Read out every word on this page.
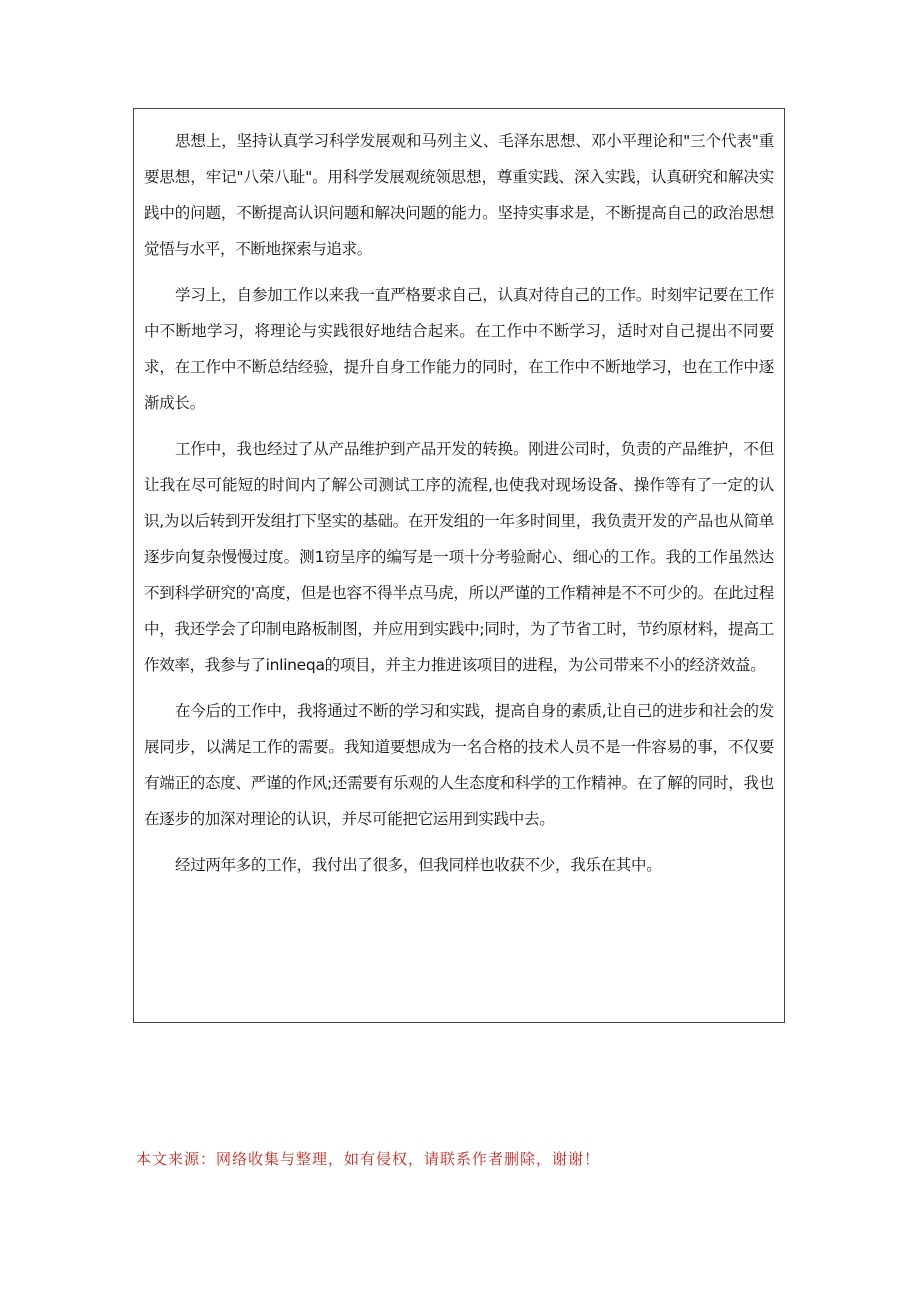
思想上，坚持认真学习科学发展观和马列主义、毛泽东思想、邓小平理论和"三个代表"重要思想，牢记"八荣八耻"。用科学发展观统领思想，尊重实践、深入实践，认真研究和解决实践中的问题，不断提高认识问题和解决问题的能力。坚持实事求是，不断提高自己的政治思想觉悟与水平，不断地探索与追求。

学习上，自参加工作以来我一直严格要求自己，认真对待自己的工作。时刻牢记要在工作中不断地学习，将理论与实践很好地结合起来。在工作中不断学习，适时对自己提出不同要求，在工作中不断总结经验，提升自身工作能力的同时，在工作中不断地学习，也在工作中逐渐成长。

工作中，我也经过了从产品维护到产品开发的转换。刚进公司时，负责的产品维护，不但让我在尽可能短的时间内了解公司测试工序的流程,也使我对现场设备、操作等有了一定的认识,为以后转到开发组打下坚实的基础。在开发组的一年多时间里，我负责开发的产品也从简单逐步向复杂慢慢过度。测1窃呈序的编写是一项十分考验耐心、细心的工作。我的工作虽然达不到科学研究的'高度，但是也容不得半点马虎，所以严谨的工作精神是不不可少的。在此过程中，我还学会了印制电路板制图，并应用到实践中;同时，为了节省工时，节约原材料，提高工作效率，我参与了inlineqa的项目，并主力推进该项目的进程，为公司带来不小的经济效益。

在今后的工作中，我将通过不断的学习和实践，提高自身的素质,让自己的进步和社会的发展同步，以满足工作的需要。我知道要想成为一名合格的技术人员不是一件容易的事，不仅要有端正的态度、严谨的作风;还需要有乐观的人生态度和科学的工作精神。在了解的同时，我也在逐步的加深对理论的认识，并尽可能把它运用到实践中去。

经过两年多的工作，我付出了很多，但我同样也收获不少，我乐在其中。

本文来源：网络收集与整理，如有侵权，请联系作者删除，谢谢！
